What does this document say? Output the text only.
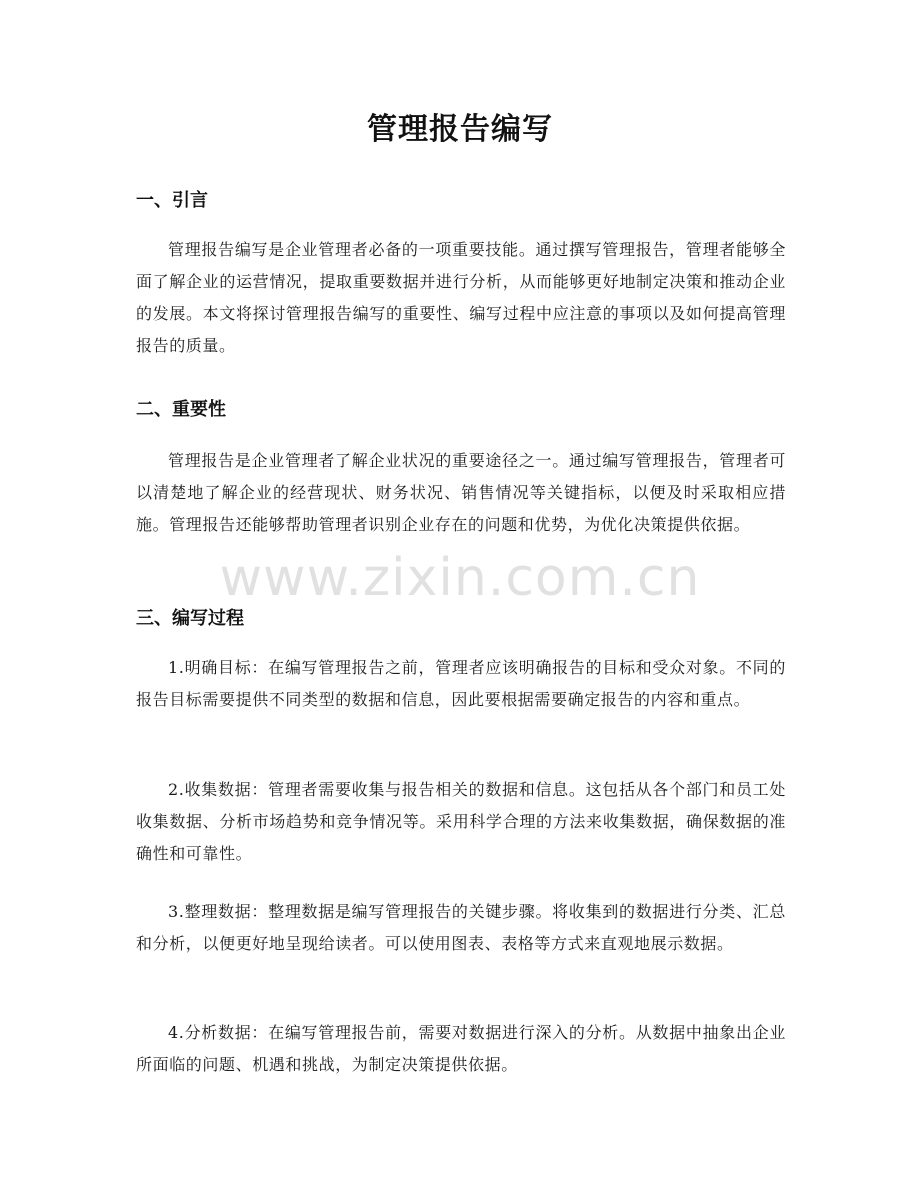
管理报告编写
一、引言

管理报告编写是企业管理者必备的一项重要技能。通过撰写管理报告，管理者能够全面了解企业的运营情况，提取重要数据并进行分析，从而能够更好地制定决策和推动企业的发展。本文将探讨管理报告编写的重要性、编写过程中应注意的事项以及如何提高管理报告的质量。

二、重要性

管理报告是企业管理者了解企业状况的重要途径之一。通过编写管理报告，管理者可以清楚地了解企业的经营现状、财务状况、销售情况等关键指标，以便及时采取相应措施。管理报告还能够帮助管理者识别企业存在的问题和优势，为优化决策提供依据。

三、编写过程

1.明确目标：在编写管理报告之前，管理者应该明确报告的目标和受众对象。不同的报告目标需要提供不同类型的数据和信息，因此要根据需要确定报告的内容和重点。

2.收集数据：管理者需要收集与报告相关的数据和信息。这包括从各个部门和员工处收集数据、分析市场趋势和竞争情况等。采用科学合理的方法来收集数据，确保数据的准确性和可靠性。

3.整理数据：整理数据是编写管理报告的关键步骤。将收集到的数据进行分类、汇总和分析，以便更好地呈现给读者。可以使用图表、表格等方式来直观地展示数据。

4.分析数据：在编写管理报告前，需要对数据进行深入的分析。从数据中抽象出企业所面临的问题、机遇和挑战，为制定决策提供依据。

www.zixin.com.cn
